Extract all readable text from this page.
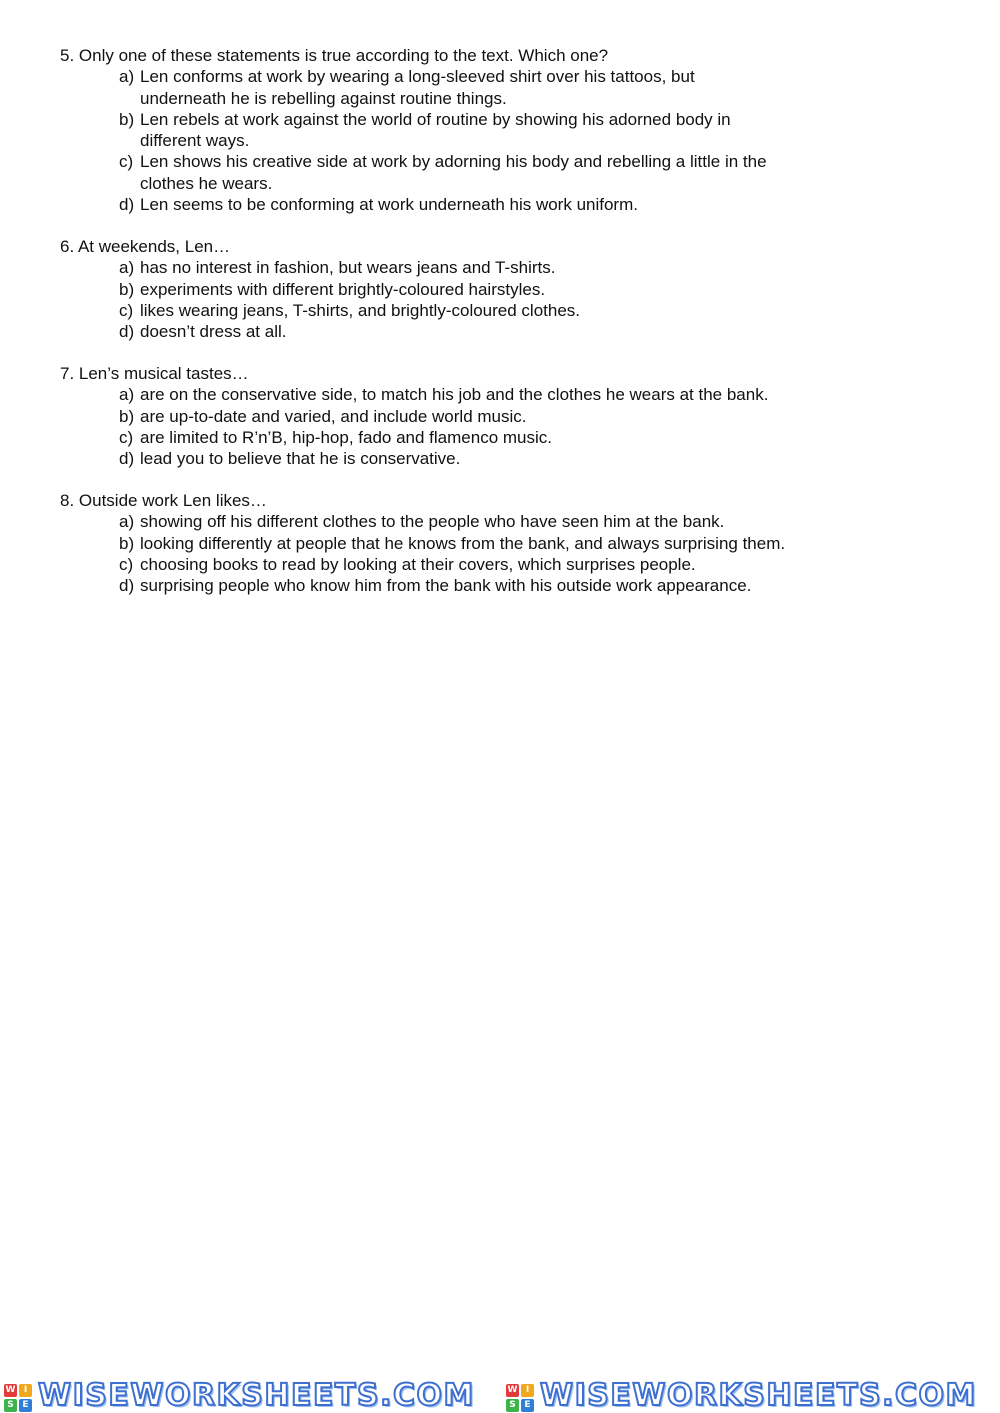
5. Only one of these statements is true according to the text. Which one?

a) Len conforms at work by wearing a long-sleeved shirt over his tattoos, but
underneath he is rebelling against routine things.
b) Len rebels at work against the world of routine by showing his adorned body in
different ways.
c) Len shows his creative side at work by adorning his body and rebelling a little in the
clothes he wears.
d) Len seems to be conforming at work underneath his work uniform.

6. At weekends, Len…

a) has no interest in fashion, but wears jeans and T-shirts.
b) experiments with different brightly-coloured hairstyles.
c) likes wearing jeans, T-shirts, and brightly-coloured clothes.
d) doesn’t dress at all.

7. Len’s musical tastes…

a) are on the conservative side, to match his job and the clothes he wears at the bank.
b) are up-to-date and varied, and include world music.
c) are limited to R’n’B, hip-hop, fado and flamenco music.
d) lead you to believe that he is conservative.

8. Outside work Len likes…

a) showing off his different clothes to the people who have seen him at the bank.
b) looking differently at people that he knows from the bank, and always surprising them.
c) choosing books to read by looking at their covers, which surprises people.
d) surprising people who know him from the bank with his outside work appearance.
W I
S E WISEWORKSHEETS.COM	W I
S E WISEWORKSHEETS.COM
